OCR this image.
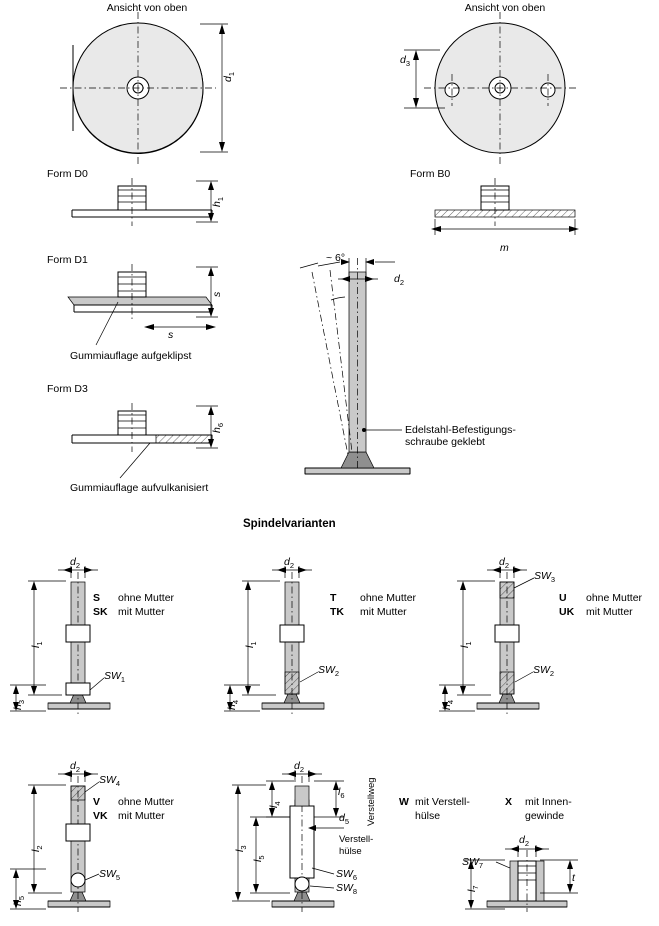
Ansicht von oben	Ansicht von oben
$d_1$
$d_3$
Form D0
$h_1$
Form B0
m
Form D1
s
s
Gummiauflage aufgeklipst
Form D3
$h_6$
Gummiauflage aufvulkanisiert
~ 6°
$d_2$
Edelstahl-Befestigungs-
schraube geklebt
Spindelvarianten
$d_2$
$l_1$
$h_3$
$SW_1$
S ohne Mutter
SK mit Mutter
$d_2$
$l_1$
$h_4$
$SW_2$
T ohne Mutter
TK mit Mutter
$d_2$
$l_1$
$h_4$
$SW_3$
$SW_2$
U ohne Mutter
UK mit Mutter
$d_2$
$l_2$
$h_5$
$SW_4$
$SW_5$
V ohne Mutter
VK mit Mutter
$d_2$
$l_3$
$l_5$
$l_4$
$l_6$
$d_5$ Verstellweg
Verstell-
hülse
$SW_6$
$SW_8$
W mit Verstell-
hülse
$d_2$
$l_7$
t
$SW_7$
X mit Innen-
gewinde
